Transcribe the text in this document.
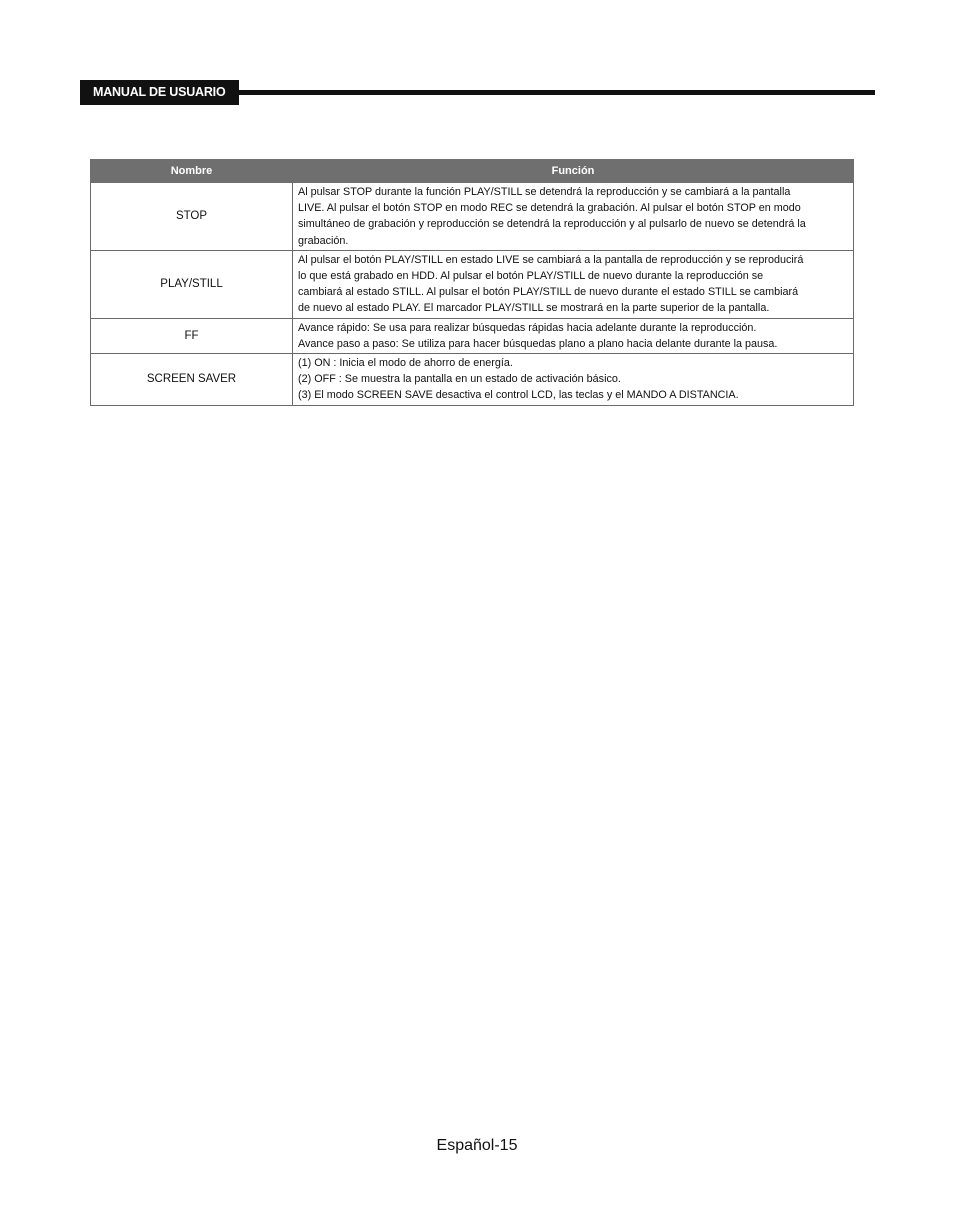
MANUAL DE USUARIO
Nombre	Función
STOP	Al pulsar STOP durante la función PLAY/STILL se detendrá la reproducción y se cambiará a la pantalla
LIVE. Al pulsar el botón STOP en modo REC se detendrá la grabación. Al pulsar el botón STOP en modo
simultáneo de grabación y reproducción se detendrá la reproducción y al pulsarlo de nuevo se detendrá la
grabación.

PLAY/STILL	Al pulsar el botón PLAY/STILL en estado LIVE se cambiará a la pantalla de reproducción y se reproducirá
lo que está grabado en HDD. Al pulsar el botón PLAY/STILL de nuevo durante la reproducción se
cambiará al estado STILL. Al pulsar el botón PLAY/STILL de nuevo durante el estado STILL se cambiará
de nuevo al estado PLAY. El marcador PLAY/STILL se mostrará en la parte superior de la pantalla.

FF	Avance rápido: Se usa para realizar búsquedas rápidas hacia adelante durante la reproducción.
Avance paso a paso: Se utiliza para hacer búsquedas plano a plano hacia delante durante la pausa.

SCREEN SAVER	(1) ON : Inicia el modo de ahorro de energía.
(2) OFF : Se muestra la pantalla en un estado de activación básico.
(3) El modo SCREEN SAVE desactiva el control LCD, las teclas y el MANDO A DISTANCIA.
Español-15
